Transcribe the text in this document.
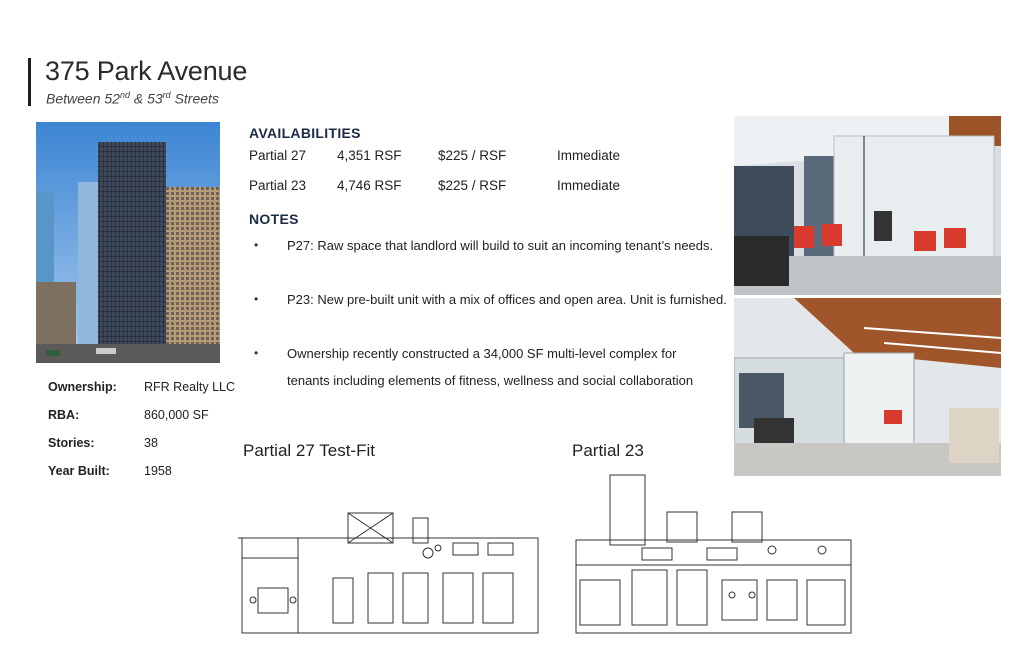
375 Park Avenue
Between 52nd & 53rd Streets
AVAILABILITIES
Partial 27 4,351 RSF	$225 / RSF	Immediate
Partial 23 4,746 RSF	$225 / RSF	Immediate
NOTES
• P27: Raw space that landlord will build to suit an incoming tenant’s needs.
• P23: New pre-built unit with a mix of offices and open area. Unit is furnished.
• Ownership recently constructed a 34,000 SF multi-level complex for tenants including elements of fitness, wellness and social collaboration
Ownership: RFR Realty LLC
RBA:	860,000 SF
Stories:	38
Year Built:	1958
Partial 27 Test-Fit	Partial 23
